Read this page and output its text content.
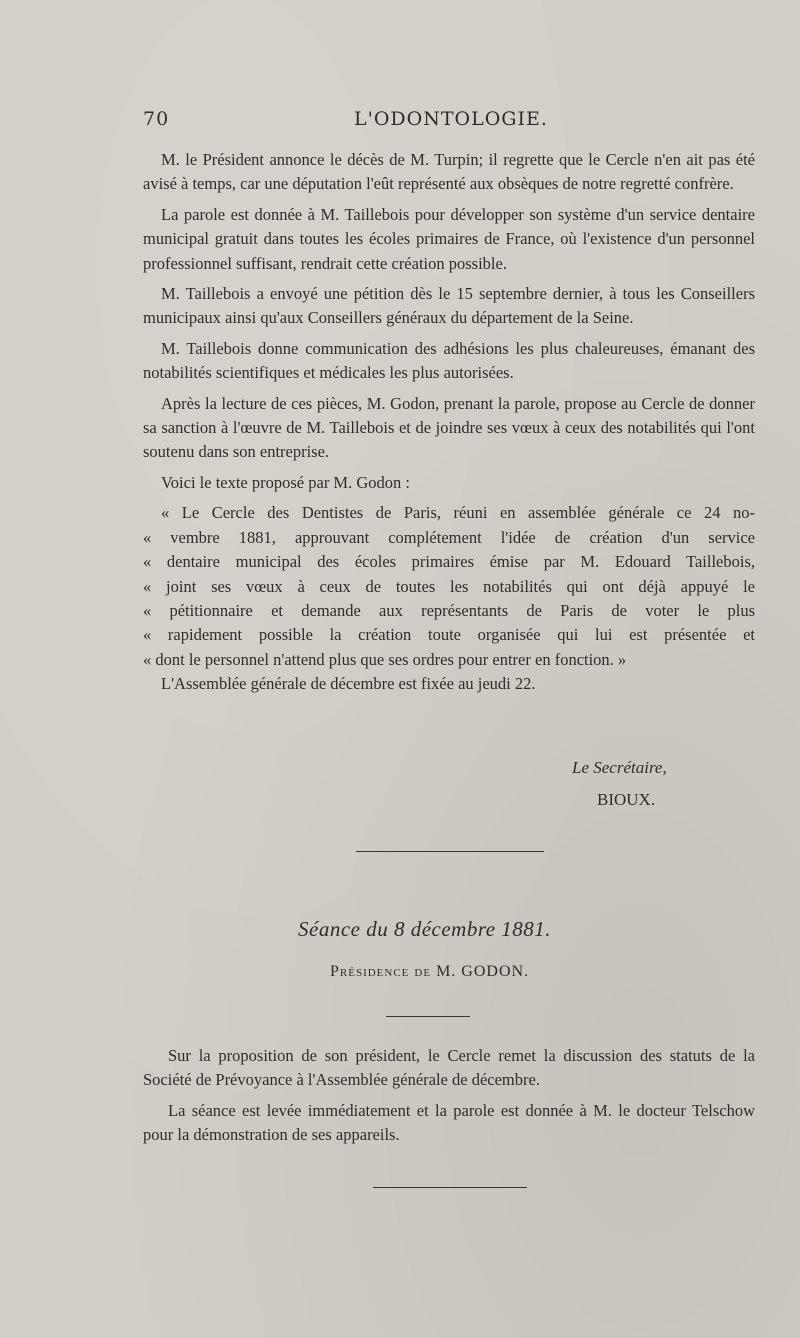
70	L'ODONTOLOGIE.

M. le Président annonce le décès de M. Turpin; il regrette que le Cercle n'en ait pas été avisé à temps, car une députation l'eût représenté aux obsèques de notre regretté confrère.

La parole est donnée à M. Taillebois pour développer son système d'un service dentaire municipal gratuit dans toutes les écoles primaires de France, où l'existence d'un personnel professionnel suffisant, rendrait cette création possible.

M. Taillebois a envoyé une pétition dès le 15 septembre dernier, à tous les Conseillers municipaux ainsi qu'aux Conseillers généraux du département de la Seine.

M. Taillebois donne communication des adhésions les plus chaleureuses, émanant des notabilités scientifiques et médicales les plus autorisées.

Après la lecture de ces pièces, M. Godon, prenant la parole, propose au Cercle de donner sa sanction à l'œuvre de M. Taillebois et de joindre ses vœux à ceux des notabilités qui l'ont soutenu dans son entreprise.

Voici le texte proposé par M. Godon :

« Le Cercle des Dentistes de Paris, réuni en assemblée générale ce 24 no-
« vembre 1881, approuvant complétement l'idée de création d'un service
« dentaire municipal des écoles primaires émise par M. Edouard Taillebois,
« joint ses vœux à ceux de toutes les notabilités qui ont déjà appuyé le
« pétitionnaire et demande aux représentants de Paris de voter le plus
« rapidement possible la création toute organisée qui lui est présentée et
« dont le personnel n'attend plus que ses ordres pour entrer en fonction. »

L'Assemblée générale de décembre est fixée au jeudi 22.

Le Secrétaire,
BIOUX.
Séance du 8 décembre 1881.
Présidence de M. GODON.

Sur la proposition de son président, le Cercle remet la discussion des statuts de la Société de Prévoyance à l'Assemblée générale de décembre.

La séance est levée immédiatement et la parole est donnée à M. le docteur Telschow pour la démonstration de ses appareils.
